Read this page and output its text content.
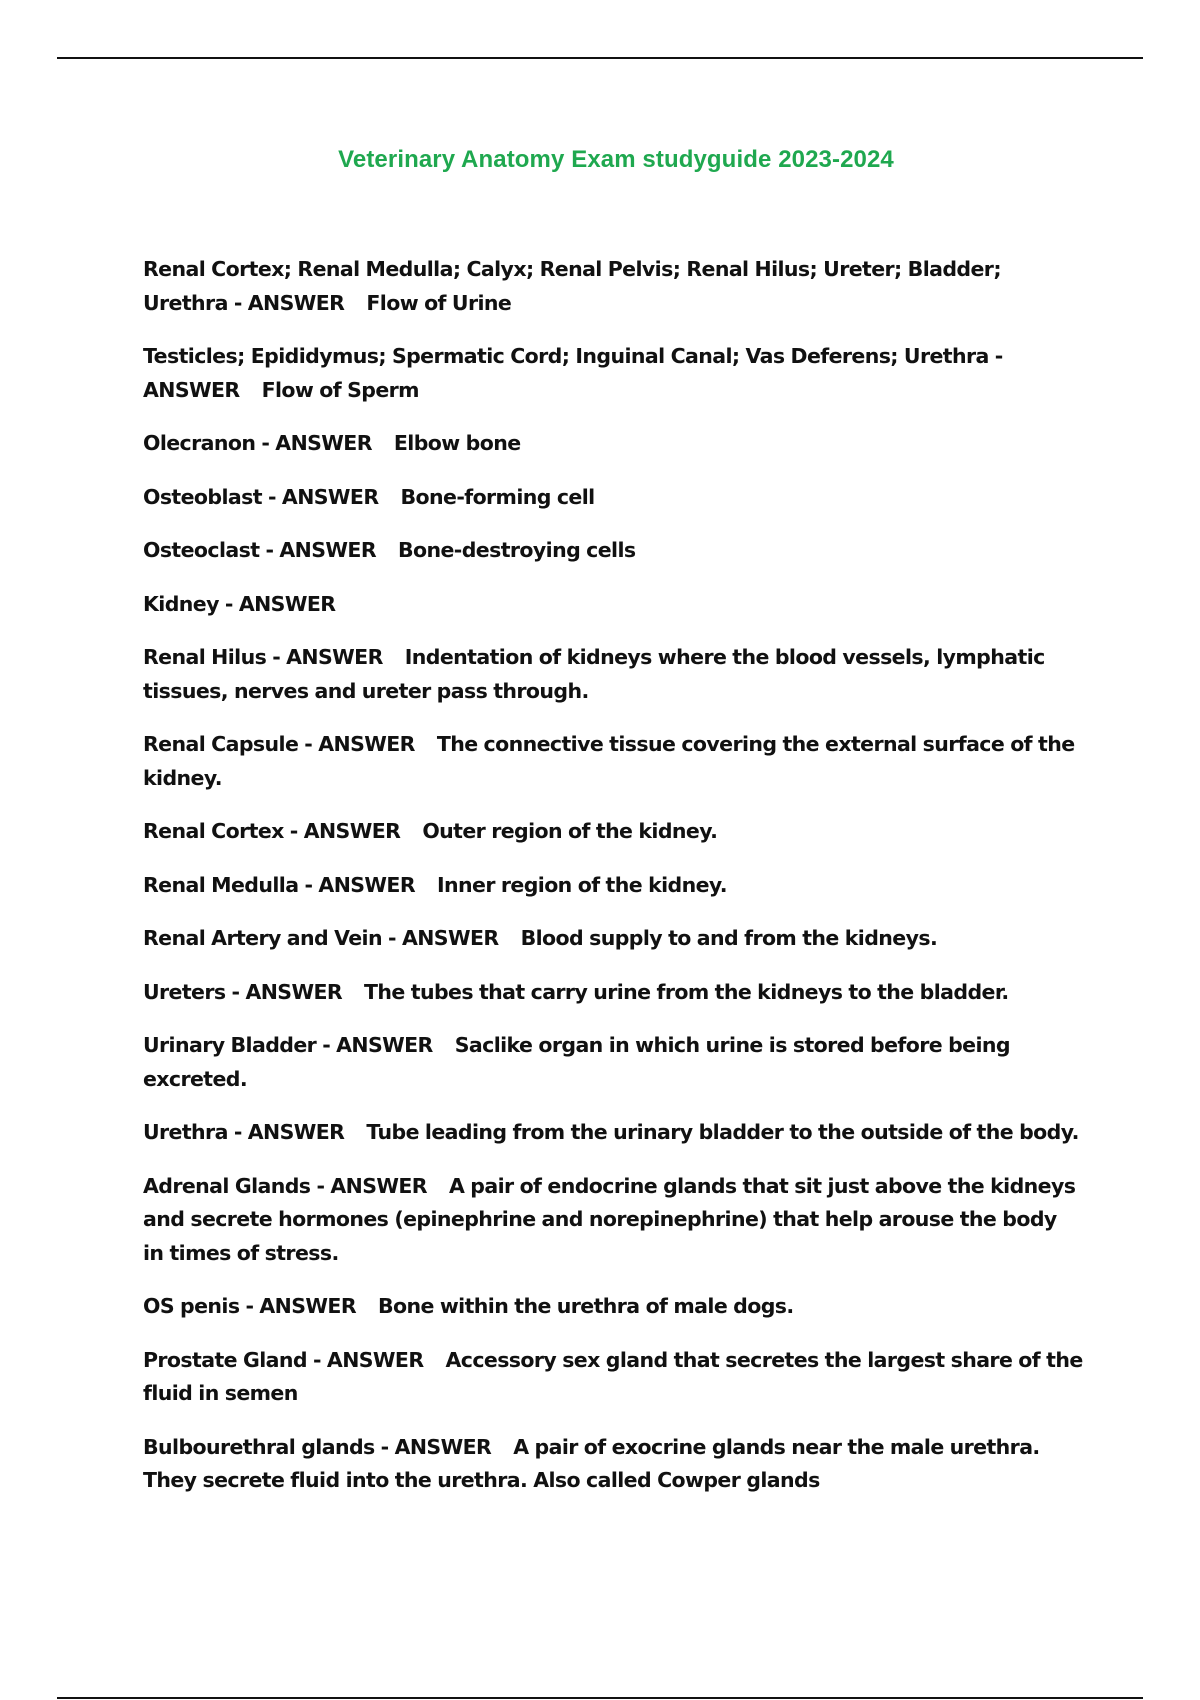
Veterinary Anatomy Exam studyguide 2023-2024
Renal Cortex; Renal Medulla; Calyx; Renal Pelvis; Renal Hilus; Ureter; Bladder; Urethra - ANSWER Flow of Urine
Testicles; Epididymus; Spermatic Cord; Inguinal Canal; Vas Deferens; Urethra - ANSWER Flow of Sperm
Olecranon - ANSWER Elbow bone
Osteoblast - ANSWER Bone-forming cell
Osteoclast - ANSWER Bone-destroying cells
Kidney - ANSWER
Renal Hilus - ANSWER Indentation of kidneys where the blood vessels, lymphatic tissues, nerves and ureter pass through.
Renal Capsule - ANSWER The connective tissue covering the external surface of the kidney.
Renal Cortex - ANSWER Outer region of the kidney.
Renal Medulla - ANSWER Inner region of the kidney.
Renal Artery and Vein - ANSWER Blood supply to and from the kidneys.
Ureters - ANSWER The tubes that carry urine from the kidneys to the bladder.
Urinary Bladder - ANSWER Saclike organ in which urine is stored before being excreted.
Urethra - ANSWER Tube leading from the urinary bladder to the outside of the body.
Adrenal Glands - ANSWER A pair of endocrine glands that sit just above the kidneys and secrete hormones (epinephrine and norepinephrine) that help arouse the body in times of stress.
OS penis - ANSWER Bone within the urethra of male dogs.
Prostate Gland - ANSWER Accessory sex gland that secretes the largest share of the fluid in semen
Bulbourethral glands - ANSWER A pair of exocrine glands near the male urethra. They secrete fluid into the urethra. Also called Cowper glands
